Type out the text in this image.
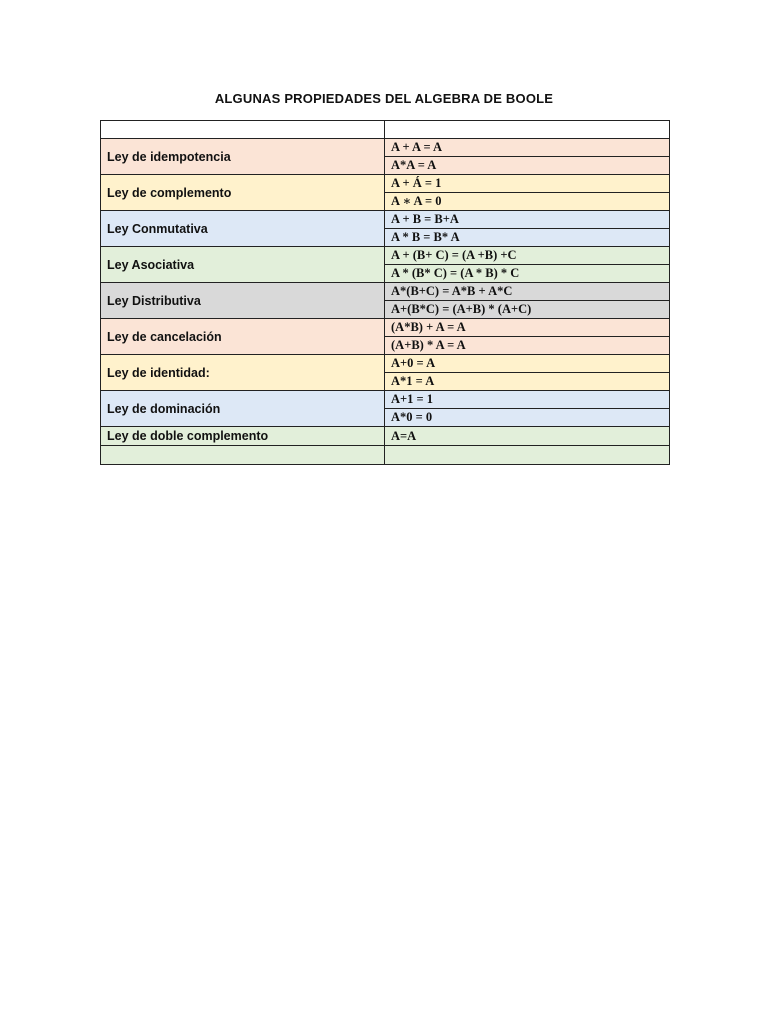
ALGUNAS PROPIEDADES DEL ALGEBRA DE BOOLE

Ley de idempotencia	A + A = A
	A*A = A
Ley de complemento	A + Á = 1
	A ∗ A = 0
Ley Conmutativa	A + B = B+A
	A * B = B* A
Ley Asociativa	A + (B+ C) = (A +B) +C
	A * (B* C) = (A * B) * C
Ley Distributiva	A*(B+C) = A*B + A*C
	A+(B*C) = (A+B) * (A+C)
Ley de cancelación	(A*B) + A = A
	(A+B) * A = A
Ley de identidad:	A+0 = A
	A*1 = A
Ley de dominación	A+1 = 1
	A*0 = 0
Ley de doble complemento	A=A
